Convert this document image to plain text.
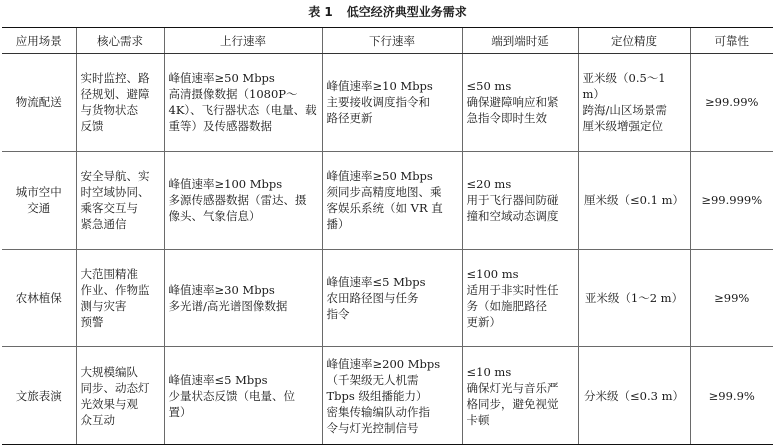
表 1 低空经济典型业务需求
应用场景	核心需求	上行速率	下行速率	端到端时延	定位精度	可靠性
物流配送	实时监控、路
径规划、避障
与货物状态
反馈	峰值速率≥50 Mbps
高清摄像数据（1080P～
4K）、飞行器状态（电量、载
重等）及传感器数据	峰值速率≥10 Mbps
主要接收调度指令和
路径更新	≤50 ms
确保避障响应和紧
急指令即时生效	亚米级（0.5～1 m）
跨海/山区场景需
厘米级增强定位	≥99.99%
城市空中
交通	安全导航、实
时空域协同、
乘客交互与
紧急通信	峰值速率≥100 Mbps
多源传感器数据（雷达、摄
像头、气象信息）	峰值速率≥50 Mbps
须同步高精度地图、乘
客娱乐系统（如 VR 直
播）	≤20 ms
用于飞行器间防碰
撞和空域动态调度	厘米级（≤0.1 m）	≥99.999%
农林植保	大范围精准
作业、作物监
测与灾害
预警	峰值速率≥30 Mbps
多光谱/高光谱图像数据	峰值速率≤5 Mbps
农田路径图与任务
指令	≤100 ms
适用于非实时性任
务（如施肥路径
更新）	亚米级（1～2 m）	≥99%
文旅表演	大规模编队
同步、动态灯
光效果与观
众互动	峰值速率≤5 Mbps
少量状态反馈（电量、位
置）	峰值速率≥200 Mbps
（千架级无人机需
Tbps 级组播能力）
密集传输编队动作指
令与灯光控制信号	≤10 ms
确保灯光与音乐严
格同步，避免视觉
卡顿	分米级（≤0.3 m）	≥99.9%
